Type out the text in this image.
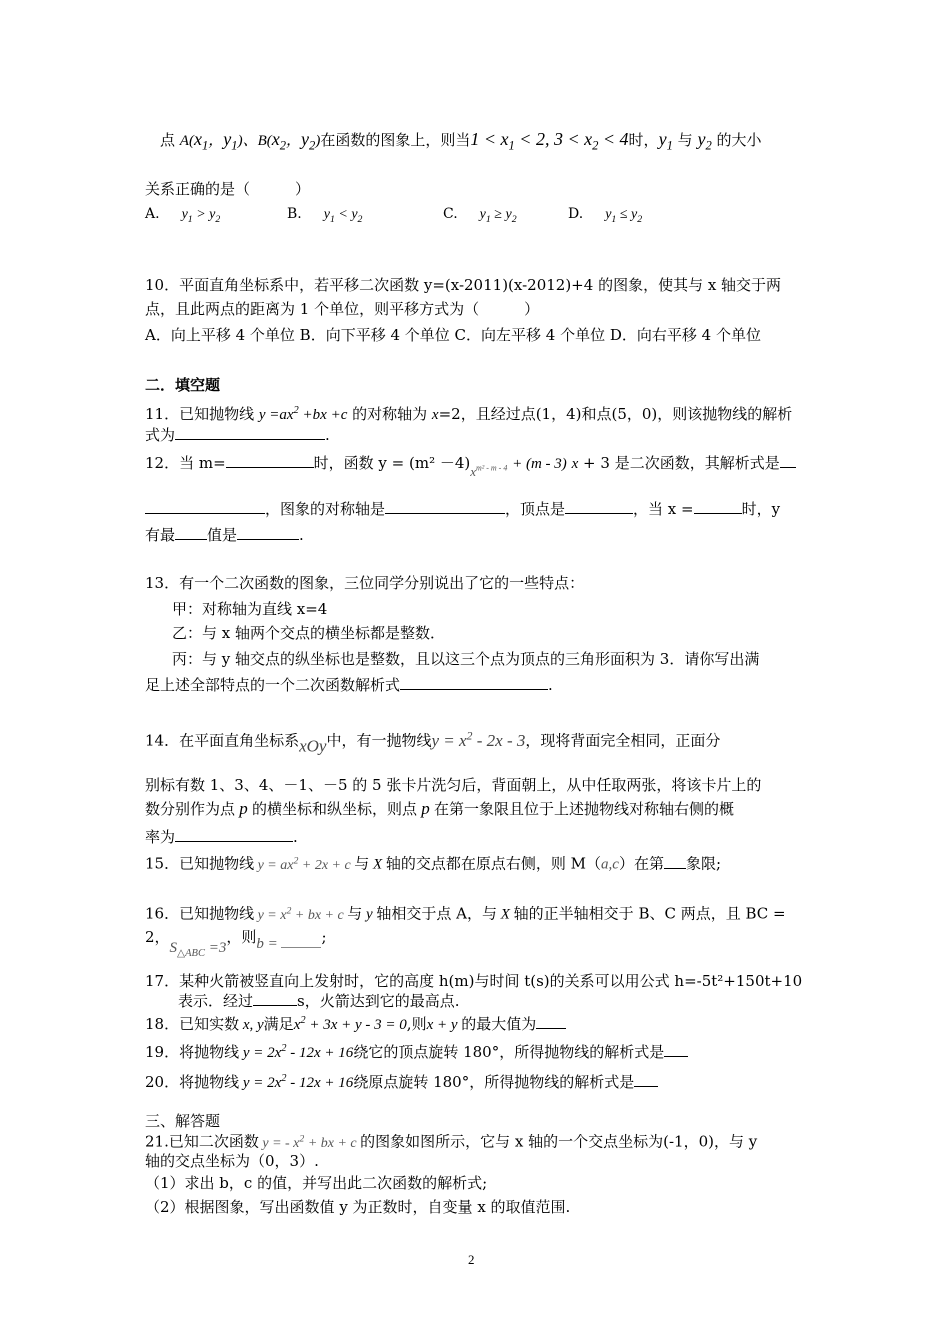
点 $A(x_1$，$y_1$)、$B(x_2$，$y_2$)在函数的图象上，则当$1 < x_1 < 2$, $3 < x_2 < 4$时，$y_1$ 与 $y_2$ 的大小
关系正确的是（　　　）
A. $y_1 > y_2$	B. $y_1 < y_2$	C. $y_1 \ge y_2$	D. $y_1 \le y_2$
10．平面直角坐标系中，若平移二次函数 y=(x-2011)(x-2012)+4 的图象，使其与 x 轴交于两
点，且此两点的距离为 1 个单位，则平移方式为（　　　）
A．向上平移 4 个单位 B．向下平移 4 个单位 C．向左平移 4 个单位 D．向右平移 4 个单位
二．填空题
11．已知抛物线 $y =ax^2 +bx +c$ 的对称轴为 x=2，且经过点(1，4)和点(5，0)，则该抛物线的解析
式为	.
12．当 m=	时，函数 $y = (m^2 -4)x^{m^2 - m - 4} + (m - 3)$ x + 3 是二次函数，其解析式是
，图象的对称轴是	，顶点是	，当 x =	时，y
有最 值是	.
13．有一个二次函数的图象，三位同学分别说出了它的一些特点：
甲：对称轴为直线 x=4
乙：与 x 轴两个交点的横坐标都是整数．
丙：与 y 轴交点的纵坐标也是整数，且以这三个点为顶点的三角形面积为 3．请你写出满
足上述全部特点的一个二次函数解析式	.
14．在平面直角坐标系xOy中，有一抛物线$y = x^2 - 2x - 3$，现将背面完全相同，正面分
别标有数 1、3、4、－1、－5 的 5 张卡片洗匀后，背面朝上，从中任取两张，将该卡片上的
数分别作为点 p 的横坐标和纵坐标，则点 p 在第一象限且位于上述抛物线对称轴右侧的概
率为	.
15．已知抛物线 $y = ax^2 + 2x + c$ 与 X 轴的交点都在原点右侧，则 M（a,c）在第 象限;
16．已知抛物线 $y = x^2$ + bx + c 与 y 轴相交于点 A，与 X 轴的正半轴相交于 B、C 两点，且 BC =
2，$S_{\triangle ABC} =3$，则b =	;
17．某种火箭被竖直向上发射时，它的高度 h(m)与时间 t(s)的关系可以用公式 h=-5t²+150t+10
表示．经过	s，火箭达到它的最高点.
18．已知实数 x, y满足$x^2 + 3x + y - 3 = 0$,则x + y 的最大值为
19．将抛物线 $y = 2x^2 - 12x + 16$绕它的顶点旋转 180°，所得抛物线的解析式是
20．将抛物线 $y = 2x^2 - 12x + 16$绕原点旋转 180°，所得抛物线的解析式是
三、解答题
21.已知二次函数 y = - $x^2$ + bx + c 的图象如图所示，它与 x 轴的一个交点坐标为(-1，0)，与 y
轴的交点坐标为（0，3）.
（1）求出 b，c 的值，并写出此二次函数的解析式;
（2）根据图象，写出函数值 y 为正数时，自变量 x 的取值范围.
2
